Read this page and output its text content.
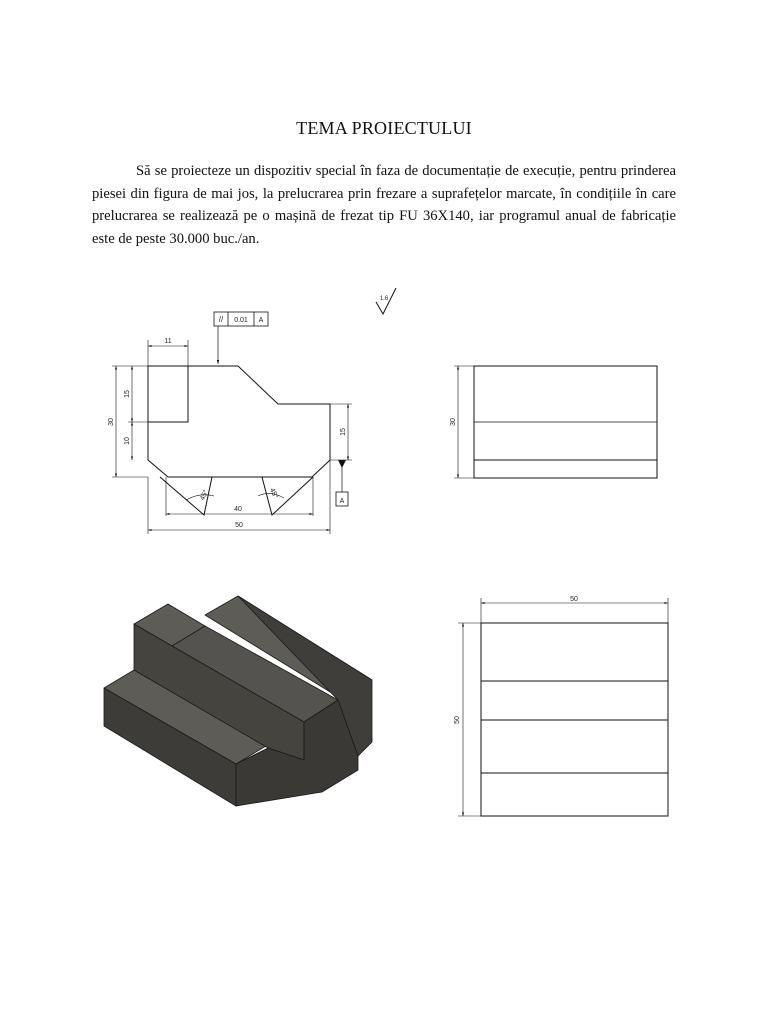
TEMA PROIECTULUI

Să se proiecteze un dispozitiv special în faza de documentație de execuție, pentru prinderea piesei din figura de mai jos, la prelucrarea prin frezare a suprafețelor marcate, în condițiile în care prelucrarea se realizează pe o mașină de frezat tip FU 36X140, iar programul anual de fabricație este de peste 30.000 buc./an.

11
30
15
10
15
45°	45°
40
50
// 0.01 A
A
1.6
30
50
50
